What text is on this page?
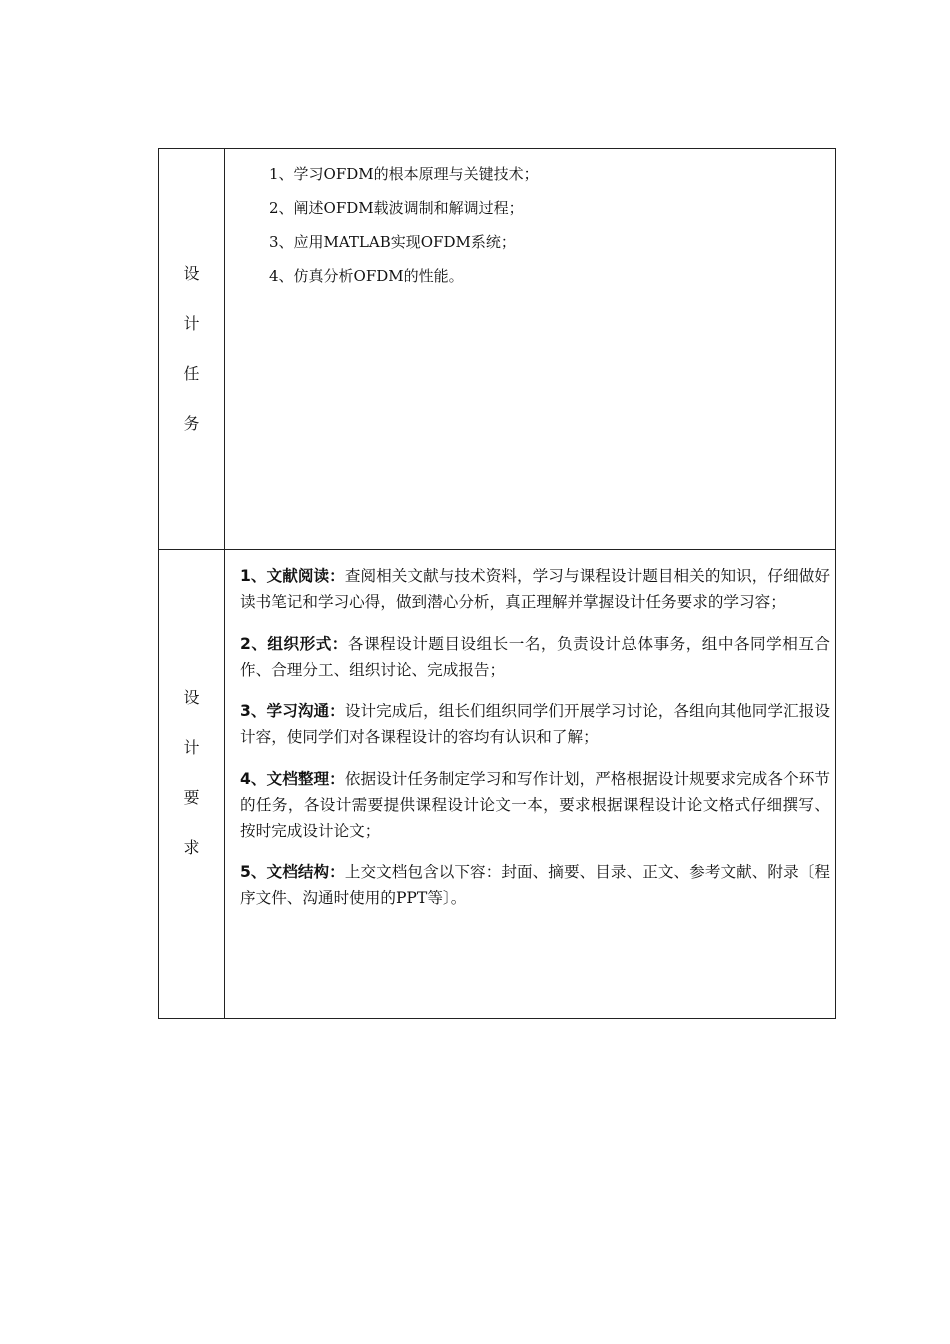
设
计
任
务
1、学习OFDM的根本原理与关键技术；
2、阐述OFDM载波调制和解调过程；
3、应用MATLAB实现OFDM系统；
4、仿真分析OFDM的性能。
设
计
要
求

1、文献阅读：查阅相关文献与技术资料，学习与课程设计题目相关的知识，仔细做好读书笔记和学习心得，做到潜心分析，真正理解并掌握设计任务要求的学习容；

2、组织形式：各课程设计题目设组长一名，负责设计总体事务，组中各同学相互合作、合理分工、组织讨论、完成报告；

3、学习沟通：设计完成后，组长们组织同学们开展学习讨论，各组向其他同学汇报设计容，使同学们对各课程设计的容均有认识和了解；

4、文档整理：依据设计任务制定学习和写作计划，严格根据设计规要求完成各个环节的任务，各设计需要提供课程设计论文一本，要求根据课程设计论文格式仔细撰写、按时完成设计论文；

5、文档结构：上交文档包含以下容：封面、摘要、目录、正文、参考文献、附录〔程序文件、沟通时使用的PPT等〕。
